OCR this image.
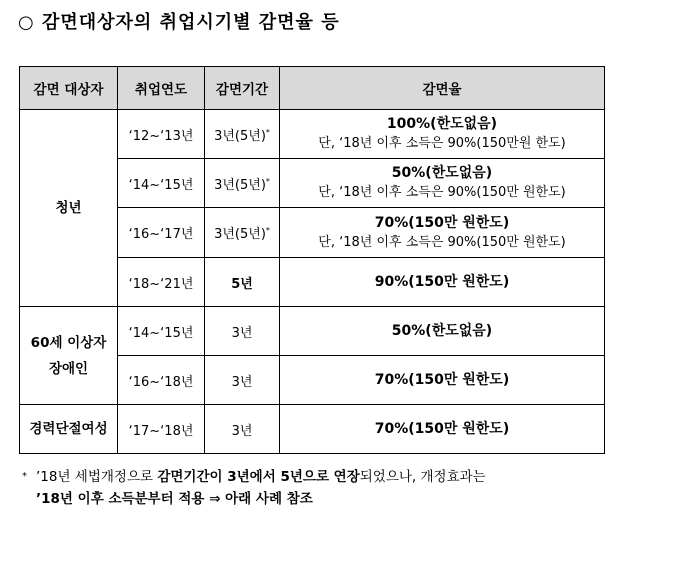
○ 감면대상자의 취업시기별 감면율 등
감면 대상자	취업연도	감면기간	감면율
청년	‘12~‘13년	3년(5년)*	100%(한도없음)
단, ‘18년 이후 소득은 90%(150만원 한도)

	‘14~‘15년	3년(5년)*	50%(한도없음)
단, ‘18년 이후 소득은 90%(150만 원한도)

	‘16~‘17년	3년(5년)*	70%(150만 원한도)
단, ‘18년 이후 소득은 90%(150만 원한도)

	‘18~‘21년	5년	90%(150만 원한도)

60세 이상자
장애인	‘14~‘15년	3년	50%(한도없음)
	‘16~‘18년	3년	70%(150만 원한도)
경력단절여성	‘17~‘18년	3년	70%(150만 원한도)
* ’18년 세법개정으로 감면기간이 3년에서 5년으로 연장되었으나, 개정효과는
’18년 이후 소득분부터 적용 ⇒ 아래 사례 참조
